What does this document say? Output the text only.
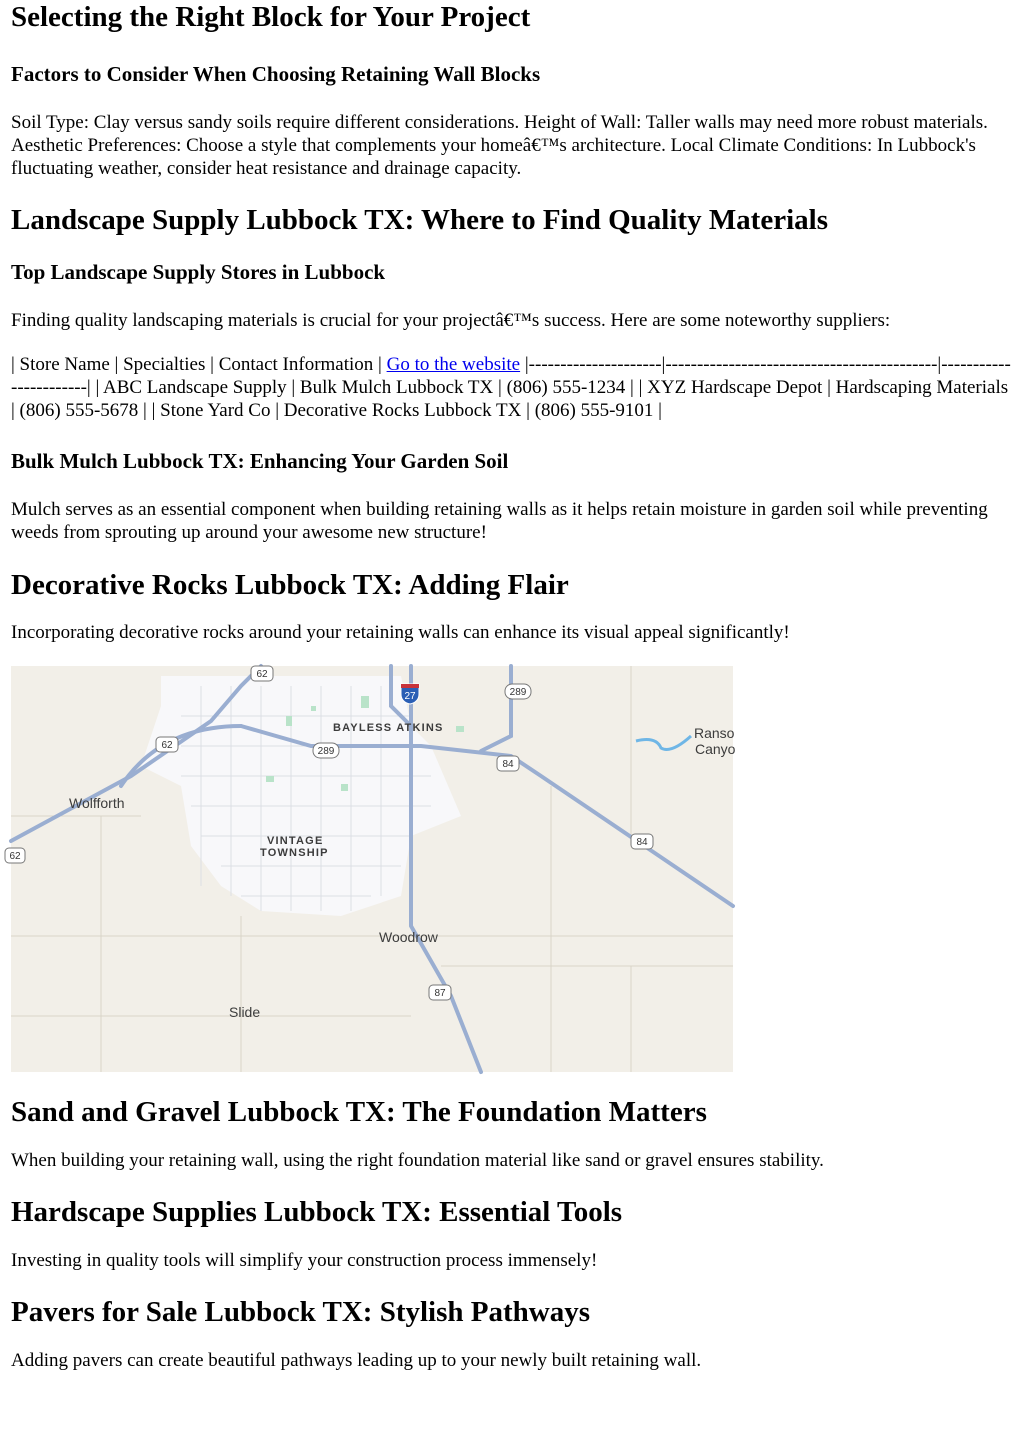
Selecting the Right Block for Your Project
Factors to Consider When Choosing Retaining Wall Blocks

Soil Type: Clay versus sandy soils require different considerations. Height of Wall: Taller walls may need more robust materials. Aesthetic Preferences: Choose a style that complements your homeâ€™s architecture. Local Climate Conditions: In Lubbock's fluctuating weather, consider heat resistance and drainage capacity.

Landscape Supply Lubbock TX: Where to Find Quality Materials
Top Landscape Supply Stores in Lubbock

Finding quality landscaping materials is crucial for your projectâ€™s success. Here are some noteworthy suppliers:

| Store Name | Specialties | Contact Information | Go to the website |---------------------|-------------------------------------------|-----------------------| | ABC Landscape Supply | Bulk Mulch Lubbock TX | (806) 555-1234 | | XYZ Hardscape Depot | Hardscaping Materials | (806) 555-5678 | | Stone Yard Co | Decorative Rocks Lubbock TX | (806) 555-9101 |

Bulk Mulch Lubbock TX: Enhancing Your Garden Soil

Mulch serves as an essential component when building retaining walls as it helps retain moisture in garden soil while preventing weeds from sprouting up around your awesome new structure!

Decorative Rocks Lubbock TX: Adding Flair

Incorporating decorative rocks around your retaining walls can enhance its visual appeal significantly!

BAYLESS ATKINS
VINTAGE
TOWNSHIP
Wolfforth
Woodrow
Slide
Ranso
Canyo
62
62
62
27	289
289
84
84
87
Sand and Gravel Lubbock TX: The Foundation Matters

When building your retaining wall, using the right foundation material like sand or gravel ensures stability.

Hardscape Supplies Lubbock TX: Essential Tools

Investing in quality tools will simplify your construction process immensely!

Pavers for Sale Lubbock TX: Stylish Pathways

Adding pavers can create beautiful pathways leading up to your newly built retaining wall.
